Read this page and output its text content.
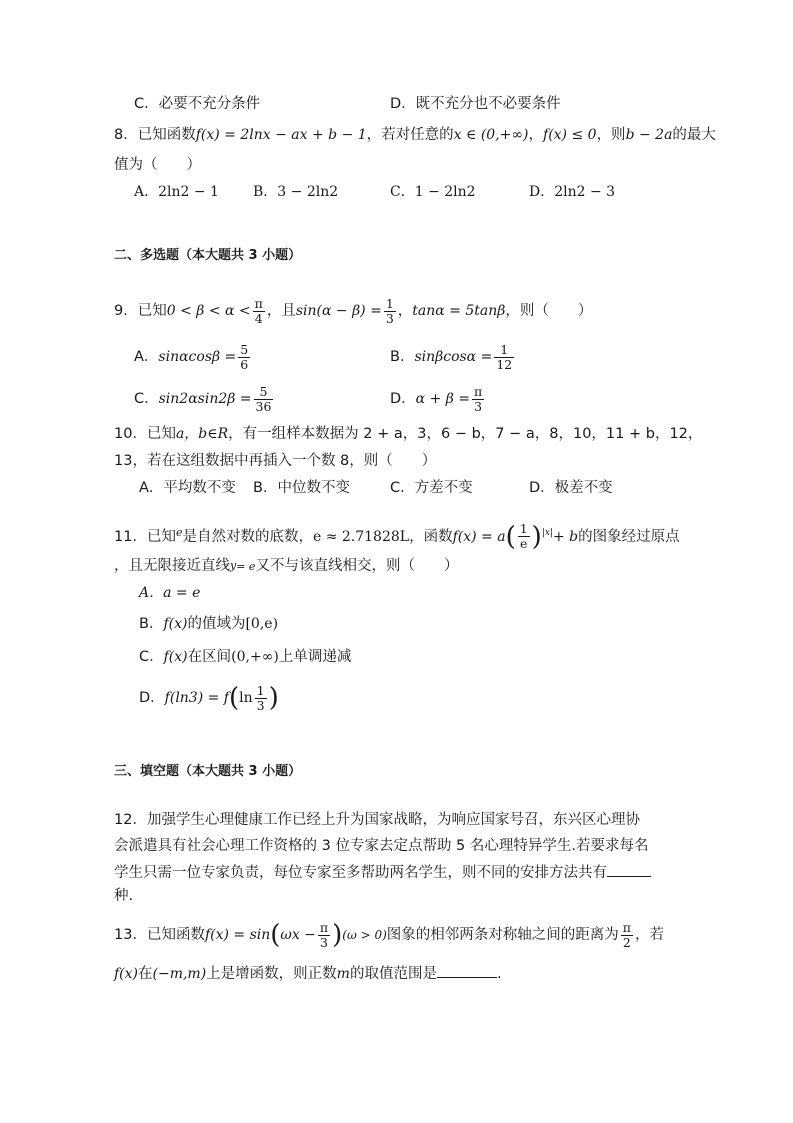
C．必要不充分条件	D．既不充分也不必要条件
8．已知函数f(x) = 2lnx − ax + b − 1，若对任意的x ∈ (0,+∞)，f(x) ≤ 0，则b − 2a的最大
值为（　　）
A．2ln2 − 1 B．3 − 2ln2	C．1 − 2ln2	D．2ln2 − 3
二、多选题（本大题共 3 小题）
9．已知$0 < \beta < \alpha < \frac{\pi}{4}$ ，且$\sin(\alpha - \beta) = \frac{1}{3}$ ，tanα = 5tanβ，则（　　）
A．$\sin\alpha\cos\beta = \frac{5}{6}$	B．$\sin\beta\cos\alpha = \frac{1}{12}$
C．$\sin 2\alpha\sin 2\beta = \frac{5}{36}$	D．$\alpha + \beta = \frac{\pi}{3}$
10．已知a，b∈R，有一组样本数据为 2 + a，3，6 − b，7 − a，8，10，11 + b，12，
13，若在这组数据中再插入一个数 8，则（　　）
A．平均数不变 B．中位数不变	C．方差不变	D．极差不变
11．已知$^e$是自然对数的底数，e ≈ 2.71828L，函数$f(x) = a( \frac{1}{e} )^{|x|}+ b$的图象经过原点
，且无限接近直线$^y$= e又不与该直线相交，则（　　）
A．a = e
B．f(x)的值域为[0,e)
C．f(x)在区间(0,+∞)上单调递减
D．$f(\ln 3) = f(\ln \frac{1}{3}$ )
三、填空题（本大题共 3 小题）
12．加强学生心理健康工作已经上升为国家战略，为响应国家号召，东兴区心理协
会派遣具有社会心理工作资格的 3 位专家去定点帮助 5 名心理特异学生.若要求每名
学生只需一位专家负责，每位专家至多帮助两名学生，则不同的安排方法共有
种.
13．已知函数$f(x) = \sin(\omega x - \frac{\pi}{3} )(\omega > 0)$图象的相邻两条对称轴之间的距离为 $\frac{\pi}{2}$ ，若
f(x)在(−m,m)上是增函数，则正数m的取值范围是	.
